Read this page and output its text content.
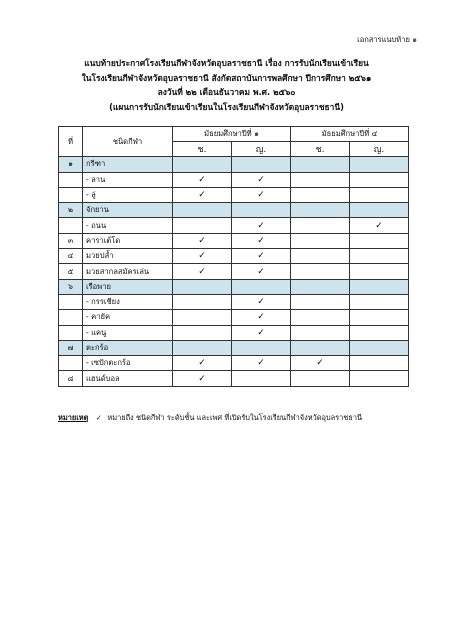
เอกสารแนบท้าย ๑
แนบท้ายประกาศโรงเรียนกีฬาจังหวัดอุบลราชธานี เรื่อง การรับนักเรียนเข้าเรียน
ในโรงเรียนกีฬาจังหวัดอุบลราชธานี สังกัดสถาบันการพลศึกษา ปีการศึกษา ๒๕๖๑
ลงวันที่ ๒๒ เดือนธันวาคม พ.ศ. ๒๕๖๐
(แผนการรับนักเรียนเข้าเรียนในโรงเรียนกีฬาจังหวัดอุบลราชธานี)
ที่	ชนิดกีฬา	มัธยมศึกษาปีที่ ๑		มัธยมศึกษาปีที่ ๔	
		ช.	ญ.	ช.	ญ.
๑	กรีฑา				
	- ลาน	✓	✓		
	- ลู่	✓	✓		
๒	จักยาน				
	- ถนน		✓		✓
๓	คาราเต้โด	✓	✓		
๔	มวยปล้ำ	✓	✓		
๕	มวยสากลสมัครเล่น	✓	✓		
๖	เรือพาย				
	- กรรเชียง		✓		
	- คายัค		✓		
	- แคนู		✓		
๗	ตะกร้อ				
	- เซปักตะกร้อ	✓	✓	✓	
๘	แฮนด์บอล	✓			
หมายเหตุ ✓ หมายถึง ชนิดกีฬา ระดับชั้น และเพศ ที่เปิดรับในโรงเรียนกีฬาจังหวัดอุบลราชธานี
